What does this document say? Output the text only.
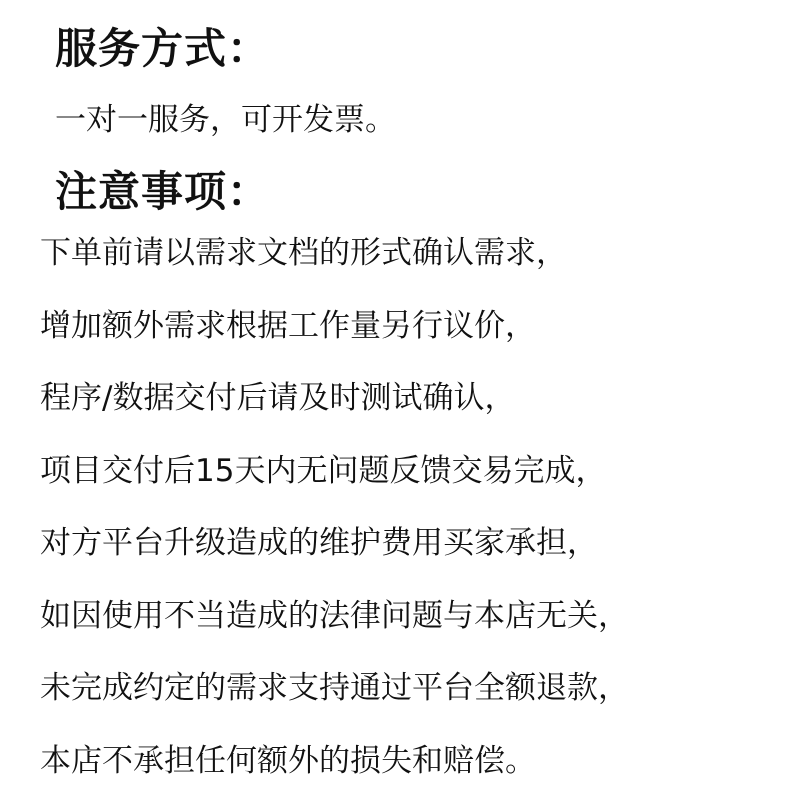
服务方式：

一对一服务，可开发票。

注意事项：
下单前请以需求文档的形式确认需求，
增加额外需求根据工作量另行议价，
程序/数据交付后请及时测试确认，
项目交付后15天内无问题反馈交易完成，
对方平台升级造成的维护费用买家承担，
如因使用不当造成的法律问题与本店无关，
未完成约定的需求支持通过平台全额退款，
本店不承担任何额外的损失和赔偿。
